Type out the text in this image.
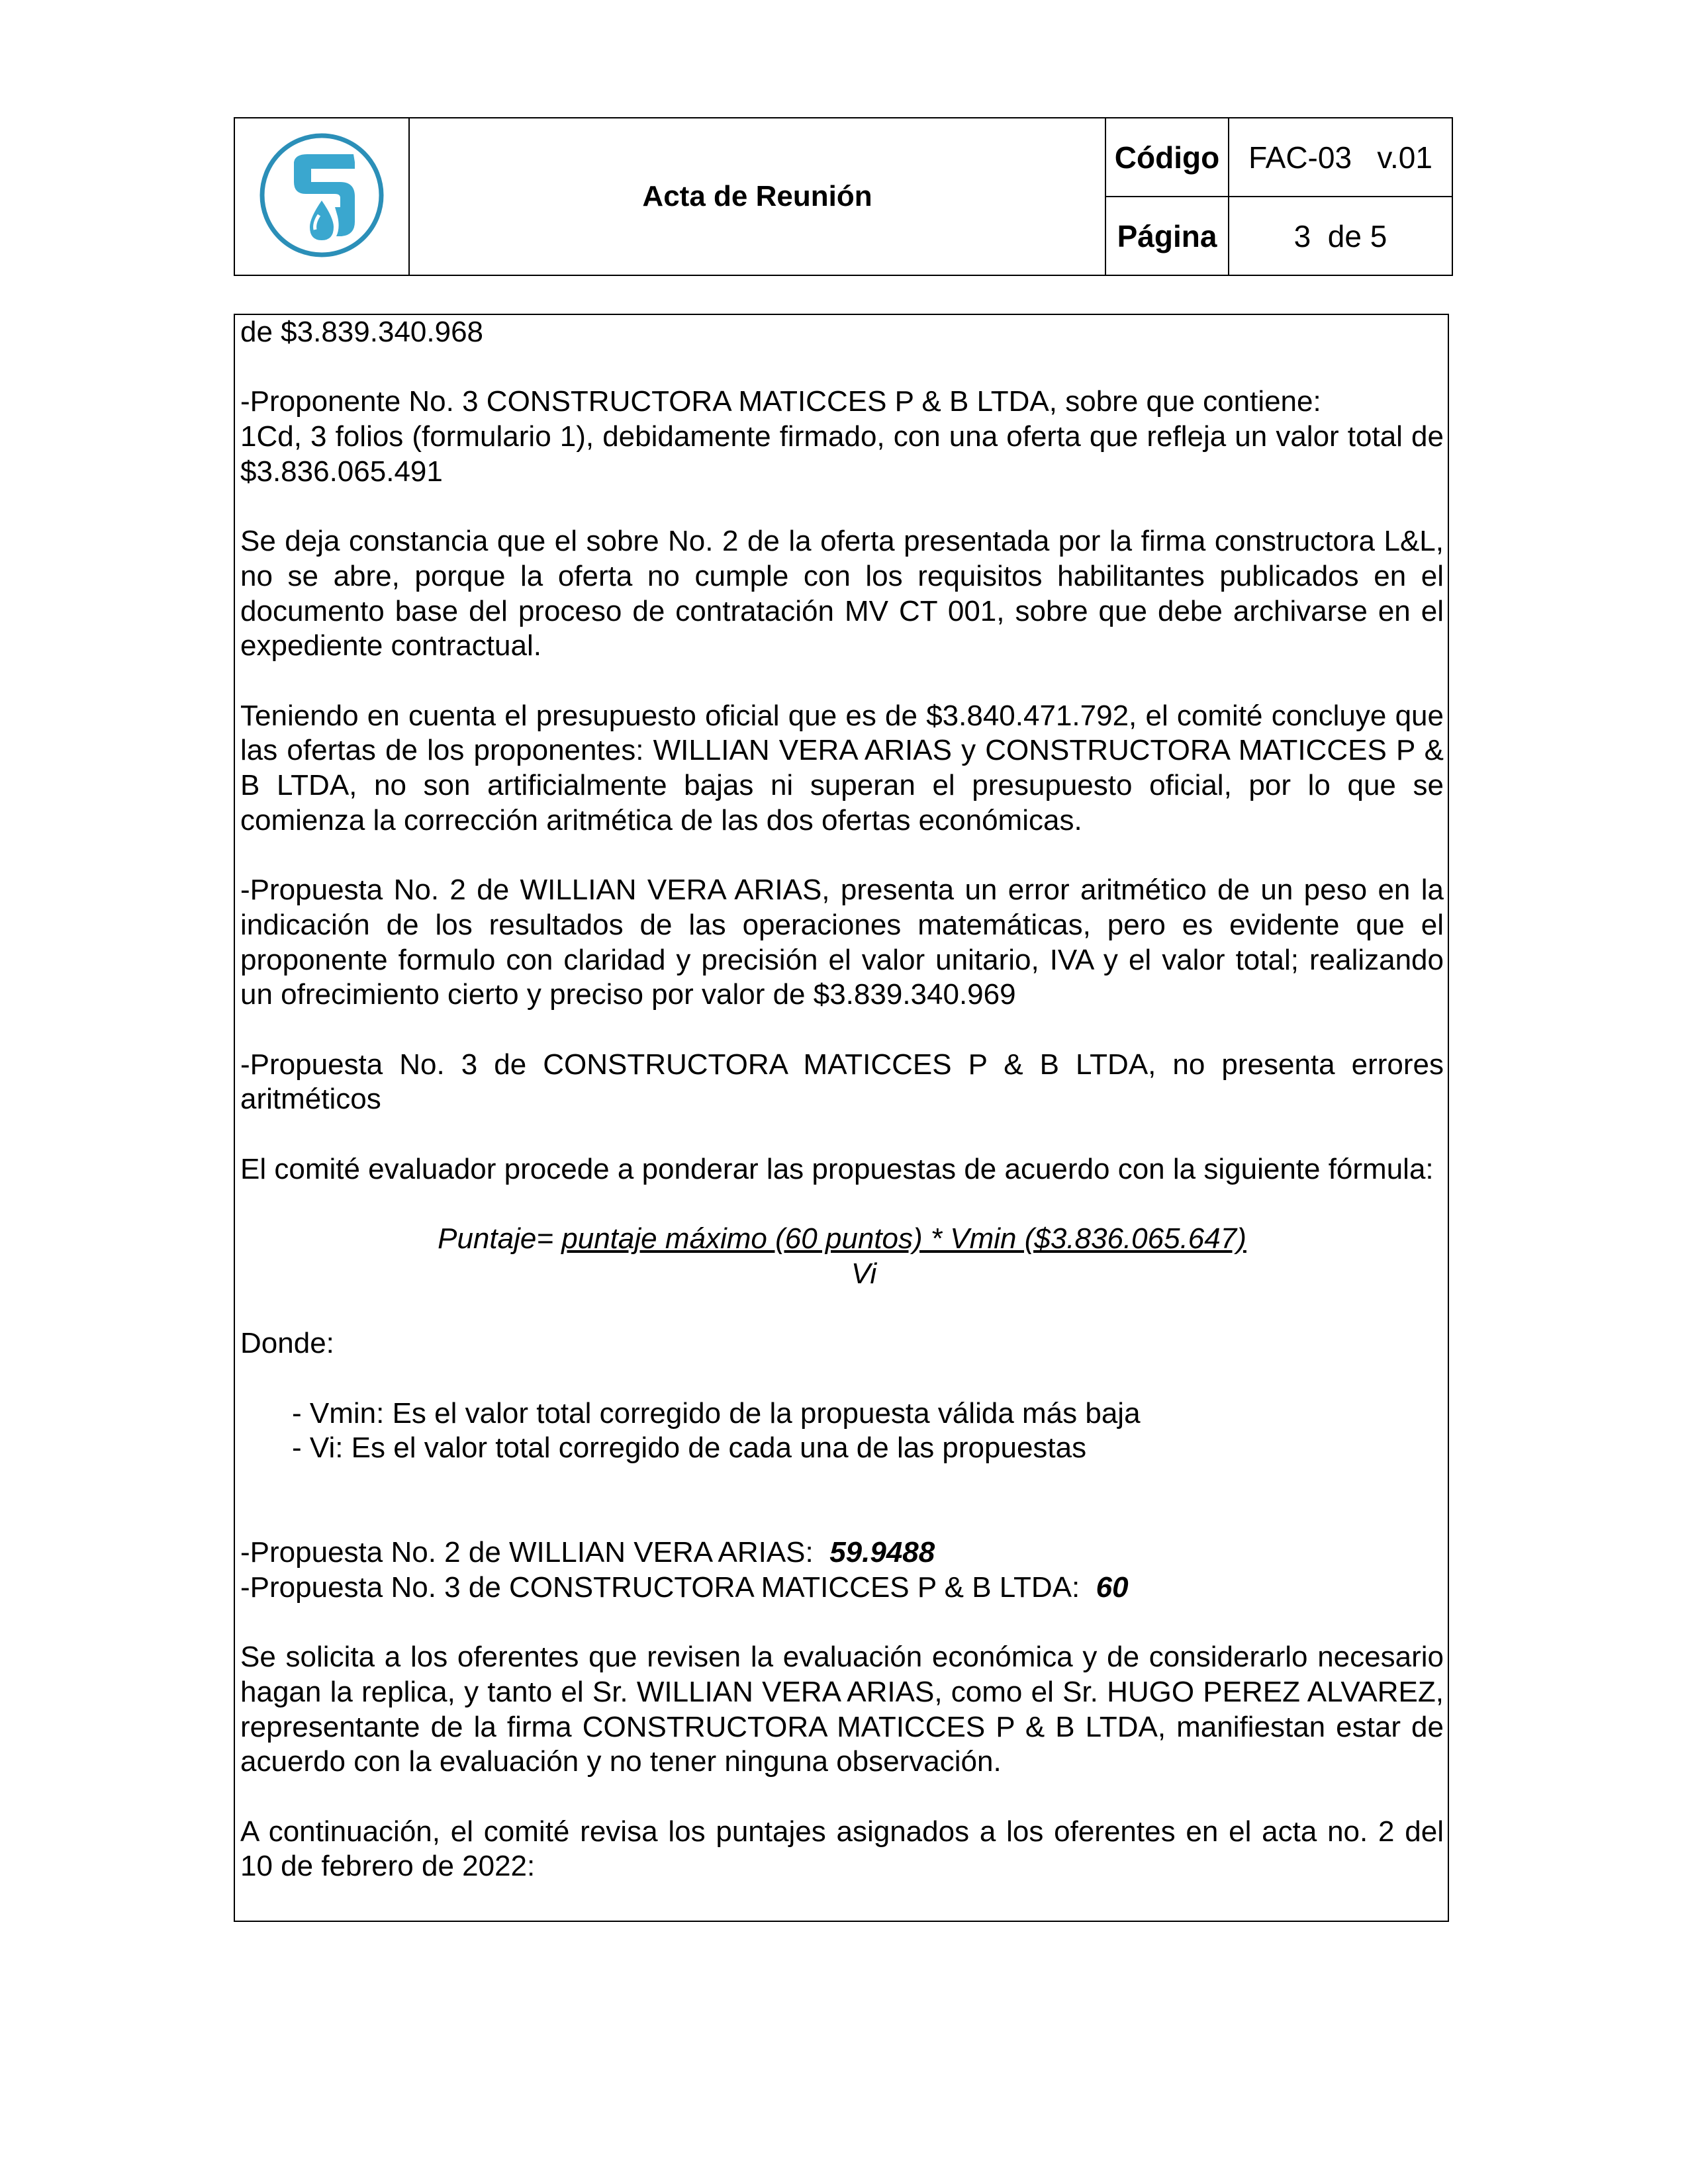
	Acta de Reunión	Código	FAC-03   v.01
		Página	3  de 5

de $3.839.340.968

-Proponente No. 3 CONSTRUCTORA MATICCES P & B LTDA, sobre que contiene:
1Cd, 3 folios (formulario 1), debidamente firmado, con una oferta que refleja un valor total de $3.836.065.491

Se deja constancia que el sobre No. 2 de la oferta presentada por la firma constructora L&L, no se abre, porque la oferta no cumple con los requisitos habilitantes publicados en el documento base del proceso de contratación MV CT 001, sobre que debe archivarse en el expediente contractual.

Teniendo en cuenta el presupuesto oficial que es de $3.840.471.792, el comité concluye que las ofertas de los proponentes: WILLIAN VERA ARIAS y CONSTRUCTORA MATICCES P & B LTDA, no son artificialmente bajas ni superan el presupuesto oficial, por lo que se comienza la corrección aritmética de las dos ofertas económicas.

-Propuesta No. 2 de WILLIAN VERA ARIAS, presenta un error aritmético de un peso en la indicación de los resultados de las operaciones matemáticas, pero es evidente que el proponente formulo con claridad y precisión el valor unitario, IVA y el valor total; realizando un ofrecimiento cierto y preciso por valor de $3.839.340.969

-Propuesta No. 3 de CONSTRUCTORA MATICCES P & B LTDA, no presenta errores aritméticos

El comité evaluador procede a ponderar las propuestas de acuerdo con la siguiente fórmula:

Puntaje= puntaje máximo (60 puntos) * Vmin ($3.836.065.647)
Vi

Donde:

- Vmin: Es el valor total corregido de la propuesta válida más baja
- Vi: Es el valor total corregido de cada una de las propuestas

-Propuesta No. 2 de WILLIAN VERA ARIAS:  59.9488

-Propuesta No. 3 de CONSTRUCTORA MATICCES P & B LTDA:  60

Se solicita a los oferentes que revisen la evaluación económica y de considerarlo necesario hagan la replica, y tanto el Sr. WILLIAN VERA ARIAS, como el Sr. HUGO PEREZ ALVAREZ, representante de la firma CONSTRUCTORA MATICCES P & B LTDA, manifiestan estar de acuerdo con la evaluación y no tener ninguna observación.

A continuación, el comité revisa los puntajes asignados a los oferentes en el acta no. 2 del 10 de febrero de 2022:
